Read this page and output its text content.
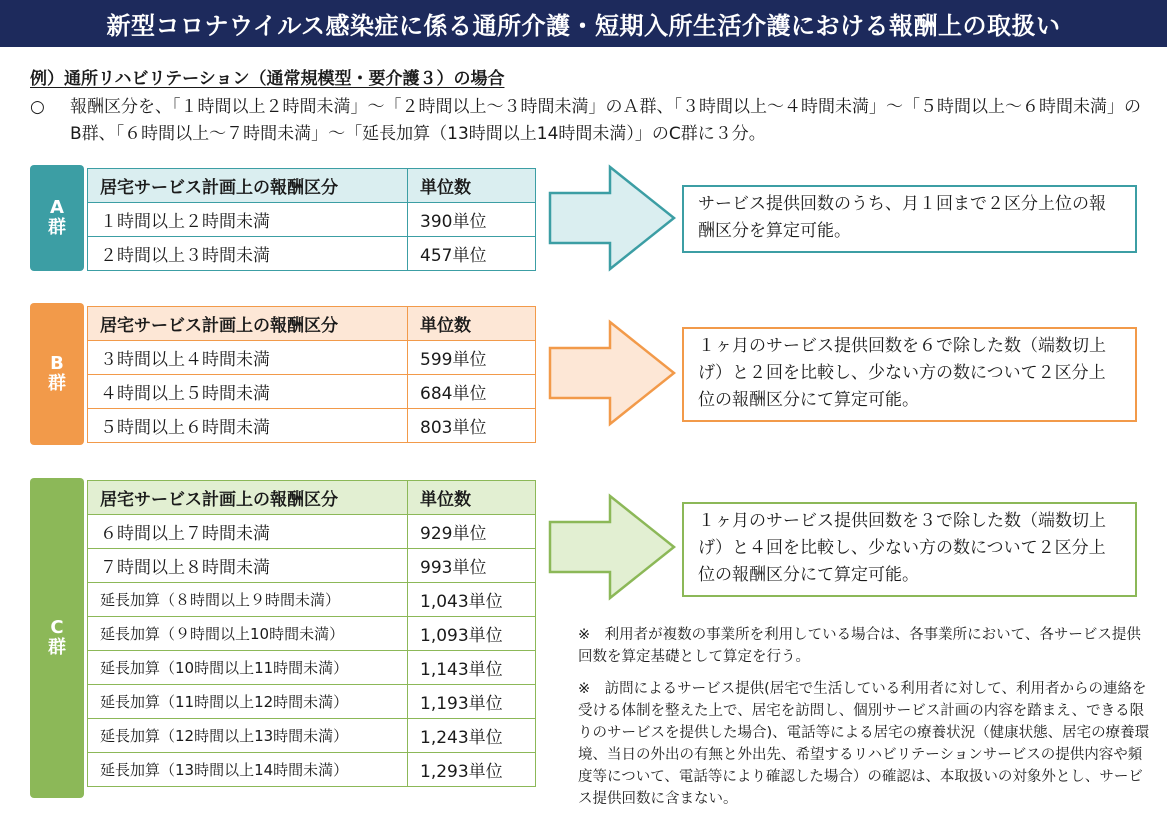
新型コロナウイルス感染症に係る通所介護・短期入所生活介護における報酬上の取扱い
例）通所リハビリテーション（通常規模型・要介護３）の場合
○ 報酬区分を、「１時間以上２時間未満」～「２時間以上～３時間未満」のＡ群、「３時間以上～４時間未満」～「５時間以上～６時間未満」のB群、「６時間以上～７時間未満」～「延長加算（13時間以上14時間未満）」のC群に３分。
A
群
居宅サービス計画上の報酬区分	単位数
１時間以上２時間未満	390単位
２時間以上３時間未満	457単位
サービス提供回数のうち、月１回まで２区分上位の報酬区分を算定可能。
B
群
居宅サービス計画上の報酬区分	単位数
３時間以上４時間未満	599単位
４時間以上５時間未満	684単位
５時間以上６時間未満	803単位
１ヶ月のサービス提供回数を６で除した数（端数切上げ）と２回を比較し、少ない方の数について２区分上位の報酬区分にて算定可能。
C
群
居宅サービス計画上の報酬区分	単位数
６時間以上７時間未満	929単位
７時間以上８時間未満	993単位
延長加算（８時間以上９時間未満）	1,043単位
延長加算（９時間以上10時間未満）	1,093単位
延長加算（10時間以上11時間未満）	1,143単位
延長加算（11時間以上12時間未満）	1,193単位
延長加算（12時間以上13時間未満）	1,243単位
延長加算（13時間以上14時間未満）	1,293単位
１ヶ月のサービス提供回数を３で除した数（端数切上げ）と４回を比較し、少ない方の数について２区分上位の報酬区分にて算定可能。

※　利用者が複数の事業所を利用している場合は、各事業所において、各サービス提供回数を算定基礎として算定を行う。

※　訪問によるサービス提供(居宅で生活している利用者に対して、利用者からの連絡を受ける体制を整えた上で、居宅を訪問し、個別サービス計画の内容を踏まえ、できる限りのサービスを提供した場合)、電話等による居宅の療養状況（健康状態、居宅の療養環境、当日の外出の有無と外出先、希望するリハビリテーションサービスの提供内容や頻度等について、電話等により確認した場合）の確認は、本取扱いの対象外とし、サービス提供回数に含まない。
